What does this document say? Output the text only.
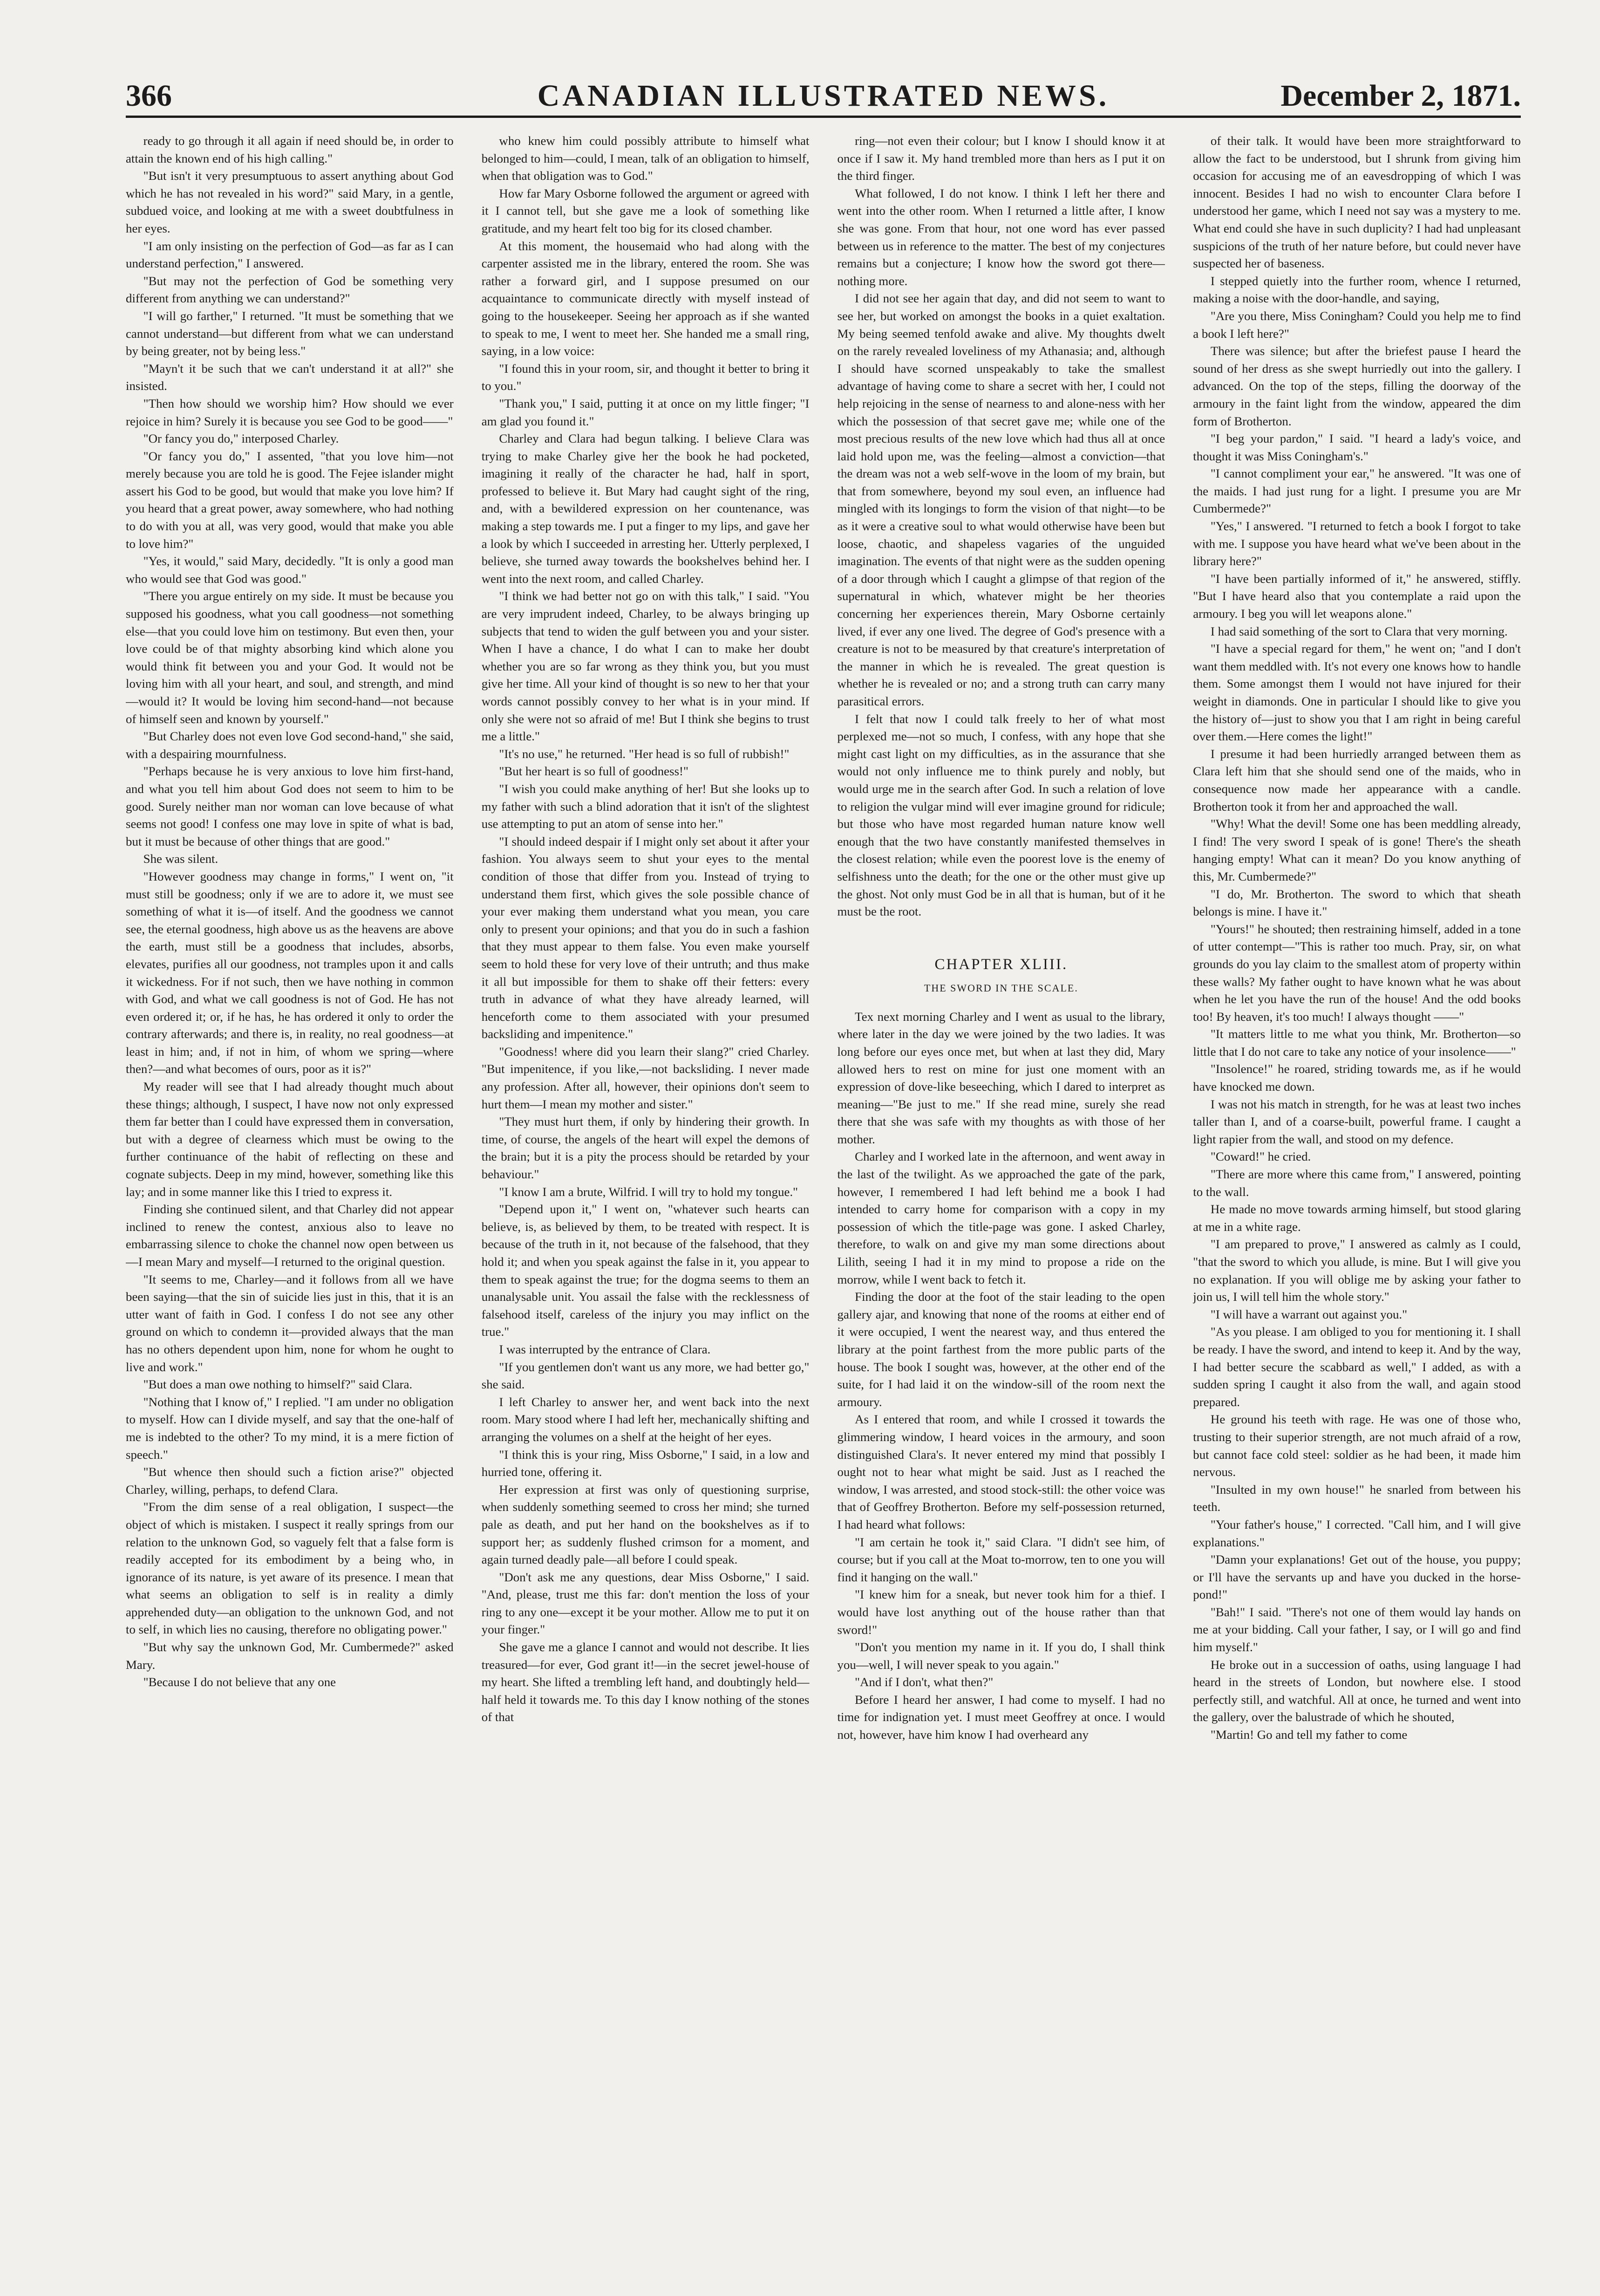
366	CANADIAN ILLUSTRATED NEWS.	December 2, 1871.

ready to go through it all again if need should be, in order to attain the known end of his high calling."

"But isn't it very presumptuous to assert anything about God which he has not revealed in his word?" said Mary, in a gentle, subdued voice, and looking at me with a sweet doubtfulness in her eyes.

"I am only insisting on the perfection of God—as far as I can understand perfection," I answered.

"But may not the perfection of God be something very different from anything we can understand?"

"I will go farther," I returned. "It must be something that we cannot understand—but different from what we can understand by being greater, not by being less."

"Mayn't it be such that we can't understand it at all?" she insisted.

"Then how should we worship him? How should we ever rejoice in him? Surely it is because you see God to be good——"

"Or fancy you do," interposed Charley.

"Or fancy you do," I assented, "that you love him—not merely because you are told he is good. The Fejee islander might assert his God to be good, but would that make you love him? If you heard that a great power, away somewhere, who had nothing to do with you at all, was very good, would that make you able to love him?"

"Yes, it would," said Mary, decidedly. "It is only a good man who would see that God was good."

"There you argue entirely on my side. It must be because you supposed his goodness, what you call goodness—not something else—that you could love him on testimony. But even then, your love could be of that mighty absorbing kind which alone you would think fit between you and your God. It would not be loving him with all your heart, and soul, and strength, and mind—would it? It would be loving him second-hand—not because of himself seen and known by yourself."

"But Charley does not even love God second-hand," she said, with a despairing mournfulness.

"Perhaps because he is very anxious to love him first-hand, and what you tell him about God does not seem to him to be good. Surely neither man nor woman can love because of what seems not good! I confess one may love in spite of what is bad, but it must be because of other things that are good."

She was silent.

"However goodness may change in forms," I went on, "it must still be goodness; only if we are to adore it, we must see something of what it is—of itself. And the goodness we cannot see, the eternal goodness, high above us as the heavens are above the earth, must still be a goodness that includes, absorbs, elevates, purifies all our goodness, not tramples upon it and calls it wickedness. For if not such, then we have nothing in common with God, and what we call goodness is not of God. He has not even ordered it; or, if he has, he has ordered it only to order the contrary afterwards; and there is, in reality, no real goodness—at least in him; and, if not in him, of whom we spring—where then?—and what becomes of ours, poor as it is?"

My reader will see that I had already thought much about these things; although, I suspect, I have now not only expressed them far better than I could have expressed them in conversation, but with a degree of clearness which must be owing to the further continuance of the habit of reflecting on these and cognate subjects. Deep in my mind, however, something like this lay; and in some manner like this I tried to express it.

Finding she continued silent, and that Charley did not appear inclined to renew the contest, anxious also to leave no embarrassing silence to choke the channel now open between us—I mean Mary and myself—I returned to the original question.

"It seems to me, Charley—and it follows from all we have been saying—that the sin of suicide lies just in this, that it is an utter want of faith in God. I confess I do not see any other ground on which to condemn it—provided always that the man has no others dependent upon him, none for whom he ought to live and work."

"But does a man owe nothing to himself?" said Clara.

"Nothing that I know of," I replied. "I am under no obligation to myself. How can I divide myself, and say that the one-half of me is indebted to the other? To my mind, it is a mere fiction of speech."

"But whence then should such a fiction arise?" objected Charley, willing, perhaps, to defend Clara.

"From the dim sense of a real obligation, I suspect—the object of which is mistaken. I suspect it really springs from our relation to the unknown God, so vaguely felt that a false form is readily accepted for its embodiment by a being who, in ignorance of its nature, is yet aware of its presence. I mean that what seems an obligation to self is in reality a dimly apprehended duty—an obligation to the unknown God, and not to self, in which lies no causing, therefore no obligating power."

"But why say the unknown God, Mr. Cumbermede?" asked Mary.

"Because I do not believe that any one

who knew him could possibly attribute to himself what belonged to him—could, I mean, talk of an obligation to himself, when that obligation was to God."

How far Mary Osborne followed the argument or agreed with it I cannot tell, but she gave me a look of something like gratitude, and my heart felt too big for its closed chamber.

At this moment, the housemaid who had along with the carpenter assisted me in the library, entered the room. She was rather a forward girl, and I suppose presumed on our acquaintance to communicate directly with myself instead of going to the housekeeper. Seeing her approach as if she wanted to speak to me, I went to meet her. She handed me a small ring, saying, in a low voice:

"I found this in your room, sir, and thought it better to bring it to you."

"Thank you," I said, putting it at once on my little finger; "I am glad you found it."

Charley and Clara had begun talking. I believe Clara was trying to make Charley give her the book he had pocketed, imagining it really of the character he had, half in sport, professed to believe it. But Mary had caught sight of the ring, and, with a bewildered expression on her countenance, was making a step towards me. I put a finger to my lips, and gave her a look by which I succeeded in arresting her. Utterly perplexed, I believe, she turned away towards the bookshelves behind her. I went into the next room, and called Charley.

"I think we had better not go on with this talk," I said. "You are very imprudent indeed, Charley, to be always bringing up subjects that tend to widen the gulf between you and your sister. When I have a chance, I do what I can to make her doubt whether you are so far wrong as they think you, but you must give her time. All your kind of thought is so new to her that your words cannot possibly convey to her what is in your mind. If only she were not so afraid of me! But I think she begins to trust me a little."

"It's no use," he returned. "Her head is so full of rubbish!"

"But her heart is so full of goodness!"

"I wish you could make anything of her! But she looks up to my father with such a blind adoration that it isn't of the slightest use attempting to put an atom of sense into her."

"I should indeed despair if I might only set about it after your fashion. You always seem to shut your eyes to the mental condition of those that differ from you. Instead of trying to understand them first, which gives the sole possible chance of your ever making them understand what you mean, you care only to present your opinions; and that you do in such a fashion that they must appear to them false. You even make yourself seem to hold these for very love of their untruth; and thus make it all but impossible for them to shake off their fetters: every truth in advance of what they have already learned, will henceforth come to them associated with your presumed backsliding and impenitence."

"Goodness! where did you learn their slang?" cried Charley. "But impenitence, if you like,—not backsliding. I never made any profession. After all, however, their opinions don't seem to hurt them—I mean my mother and sister."

"They must hurt them, if only by hindering their growth. In time, of course, the angels of the heart will expel the demons of the brain; but it is a pity the process should be retarded by your behaviour."

"I know I am a brute, Wilfrid. I will try to hold my tongue."

"Depend upon it," I went on, "whatever such hearts can believe, is, as believed by them, to be treated with respect. It is because of the truth in it, not because of the falsehood, that they hold it; and when you speak against the false in it, you appear to them to speak against the true; for the dogma seems to them an unanalysable unit. You assail the false with the recklessness of falsehood itself, careless of the injury you may inflict on the true."

I was interrupted by the entrance of Clara.

"If you gentlemen don't want us any more, we had better go," she said.

I left Charley to answer her, and went back into the next room. Mary stood where I had left her, mechanically shifting and arranging the volumes on a shelf at the height of her eyes.

"I think this is your ring, Miss Osborne," I said, in a low and hurried tone, offering it.

Her expression at first was only of questioning surprise, when suddenly something seemed to cross her mind; she turned pale as death, and put her hand on the bookshelves as if to support her; as suddenly flushed crimson for a moment, and again turned deadly pale—all before I could speak.

"Don't ask me any questions, dear Miss Osborne," I said. "And, please, trust me this far: don't mention the loss of your ring to any one—except it be your mother. Allow me to put it on your finger."

She gave me a glance I cannot and would not describe. It lies treasured—for ever, God grant it!—in the secret jewel-house of my heart. She lifted a trembling left hand, and doubtingly held—half held it towards me. To this day I know nothing of the stones of that

ring—not even their colour; but I know I should know it at once if I saw it. My hand trembled more than hers as I put it on the third finger.

What followed, I do not know. I think I left her there and went into the other room. When I returned a little after, I know she was gone. From that hour, not one word has ever passed between us in reference to the matter. The best of my conjectures remains but a conjecture; I know how the sword got there—nothing more.

I did not see her again that day, and did not seem to want to see her, but worked on amongst the books in a quiet exaltation. My being seemed tenfold awake and alive. My thoughts dwelt on the rarely revealed loveliness of my Athanasia; and, although I should have scorned unspeakably to take the smallest advantage of having come to share a secret with her, I could not help rejoicing in the sense of nearness to and alone-ness with her which the possession of that secret gave me; while one of the most precious results of the new love which had thus all at once laid hold upon me, was the feeling—almost a conviction—that the dream was not a web self-wove in the loom of my brain, but that from somewhere, beyond my soul even, an influence had mingled with its longings to form the vision of that night—to be as it were a creative soul to what would otherwise have been but loose, chaotic, and shapeless vagaries of the unguided imagination. The events of that night were as the sudden opening of a door through which I caught a glimpse of that region of the supernatural in which, whatever might be her theories concerning her experiences therein, Mary Osborne certainly lived, if ever any one lived. The degree of God's presence with a creature is not to be measured by that creature's interpretation of the manner in which he is revealed. The great question is whether he is revealed or no; and a strong truth can carry many parasitical errors.

I felt that now I could talk freely to her of what most perplexed me—not so much, I confess, with any hope that she might cast light on my difficulties, as in the assurance that she would not only influence me to think purely and nobly, but would urge me in the search after God. In such a relation of love to religion the vulgar mind will ever imagine ground for ridicule; but those who have most regarded human nature know well enough that the two have constantly manifested themselves in the closest relation; while even the poorest love is the enemy of selfishness unto the death; for the one or the other must give up the ghost. Not only must God be in all that is human, but of it he must be the root.

CHAPTER XLIII.
THE SWORD IN THE SCALE.

Tex next morning Charley and I went as usual to the library, where later in the day we were joined by the two ladies. It was long before our eyes once met, but when at last they did, Mary allowed hers to rest on mine for just one moment with an expression of dove-like beseeching, which I dared to interpret as meaning—"Be just to me." If she read mine, surely she read there that she was safe with my thoughts as with those of her mother.

Charley and I worked late in the afternoon, and went away in the last of the twilight. As we approached the gate of the park, however, I remembered I had left behind me a book I had intended to carry home for comparison with a copy in my possession of which the title-page was gone. I asked Charley, therefore, to walk on and give my man some directions about Lilith, seeing I had it in my mind to propose a ride on the morrow, while I went back to fetch it.

Finding the door at the foot of the stair leading to the open gallery ajar, and knowing that none of the rooms at either end of it were occupied, I went the nearest way, and thus entered the library at the point farthest from the more public parts of the house. The book I sought was, however, at the other end of the suite, for I had laid it on the window-sill of the room next the armoury.

As I entered that room, and while I crossed it towards the glimmering window, I heard voices in the armoury, and soon distinguished Clara's. It never entered my mind that possibly I ought not to hear what might be said. Just as I reached the window, I was arrested, and stood stock-still: the other voice was that of Geoffrey Brotherton. Before my self-possession returned, I had heard what follows:

"I am certain he took it," said Clara. "I didn't see him, of course; but if you call at the Moat to-morrow, ten to one you will find it hanging on the wall."

"I knew him for a sneak, but never took him for a thief. I would have lost anything out of the house rather than that sword!"

"Don't you mention my name in it. If you do, I shall think you—well, I will never speak to you again."

"And if I don't, what then?"

Before I heard her answer, I had come to myself. I had no time for indignation yet. I must meet Geoffrey at once. I would not, however, have him know I had overheard any

of their talk. It would have been more straightforward to allow the fact to be understood, but I shrunk from giving him occasion for accusing me of an eavesdropping of which I was innocent. Besides I had no wish to encounter Clara before I understood her game, which I need not say was a mystery to me. What end could she have in such duplicity? I had had unpleasant suspicions of the truth of her nature before, but could never have suspected her of baseness.

I stepped quietly into the further room, whence I returned, making a noise with the door-handle, and saying,

"Are you there, Miss Coningham? Could you help me to find a book I left here?"

There was silence; but after the briefest pause I heard the sound of her dress as she swept hurriedly out into the gallery. I advanced. On the top of the steps, filling the doorway of the armoury in the faint light from the window, appeared the dim form of Brotherton.

"I beg your pardon," I said. "I heard a lady's voice, and thought it was Miss Coningham's."

"I cannot compliment your ear," he answered. "It was one of the maids. I had just rung for a light. I presume you are Mr Cumbermede?"

"Yes," I answered. "I returned to fetch a book I forgot to take with me. I suppose you have heard what we've been about in the library here?"

"I have been partially informed of it," he answered, stiffly. "But I have heard also that you contemplate a raid upon the armoury. I beg you will let weapons alone."

I had said something of the sort to Clara that very morning.

"I have a special regard for them," he went on; "and I don't want them meddled with. It's not every one knows how to handle them. Some amongst them I would not have injured for their weight in diamonds. One in particular I should like to give you the history of—just to show you that I am right in being careful over them.—Here comes the light!"

I presume it had been hurriedly arranged between them as Clara left him that she should send one of the maids, who in consequence now made her appearance with a candle. Brotherton took it from her and approached the wall.

"Why! What the devil! Some one has been meddling already, I find! The very sword I speak of is gone! There's the sheath hanging empty! What can it mean? Do you know anything of this, Mr. Cumbermede?"

"I do, Mr. Brotherton. The sword to which that sheath belongs is mine. I have it."

"Yours!" he shouted; then restraining himself, added in a tone of utter contempt—"This is rather too much. Pray, sir, on what grounds do you lay claim to the smallest atom of property within these walls? My father ought to have known what he was about when he let you have the run of the house! And the odd books too! By heaven, it's too much! I always thought ——"

"It matters little to me what you think, Mr. Brotherton—so little that I do not care to take any notice of your insolence——"

"Insolence!" he roared, striding towards me, as if he would have knocked me down.

I was not his match in strength, for he was at least two inches taller than I, and of a coarse-built, powerful frame. I caught a light rapier from the wall, and stood on my defence.

"Coward!" he cried.

"There are more where this came from," I answered, pointing to the wall.

He made no move towards arming himself, but stood glaring at me in a white rage.

"I am prepared to prove," I answered as calmly as I could, "that the sword to which you allude, is mine. But I will give you no explanation. If you will oblige me by asking your father to join us, I will tell him the whole story."

"I will have a warrant out against you."

"As you please. I am obliged to you for mentioning it. I shall be ready. I have the sword, and intend to keep it. And by the way, I had better secure the scabbard as well," I added, as with a sudden spring I caught it also from the wall, and again stood prepared.

He ground his teeth with rage. He was one of those who, trusting to their superior strength, are not much afraid of a row, but cannot face cold steel: soldier as he had been, it made him nervous.

"Insulted in my own house!" he snarled from between his teeth.

"Your father's house," I corrected. "Call him, and I will give explanations."

"Damn your explanations! Get out of the house, you puppy; or I'll have the servants up and have you ducked in the horse-pond!"

"Bah!" I said. "There's not one of them would lay hands on me at your bidding. Call your father, I say, or I will go and find him myself."

He broke out in a succession of oaths, using language I had heard in the streets of London, but nowhere else. I stood perfectly still, and watchful. All at once, he turned and went into the gallery, over the balustrade of which he shouted,

"Martin! Go and tell my father to come
